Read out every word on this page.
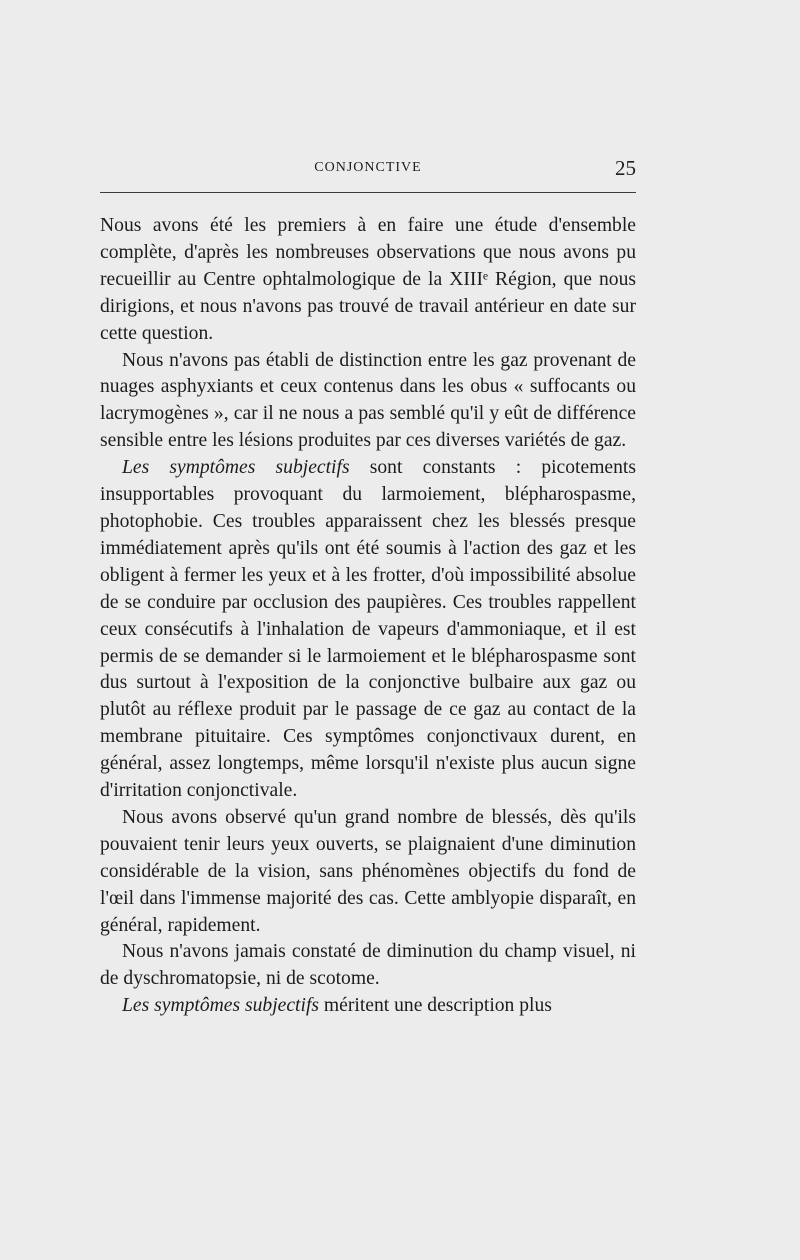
CONJONCTIVE	25

Nous avons été les premiers à en faire une étude d'ensemble complète, d'après les nombreuses observations que nous avons pu recueillir au Centre ophtalmologique de la XIIIᵉ Région, que nous dirigions, et nous n'avons pas trouvé de travail antérieur en date sur cette question.

Nous n'avons pas établi de distinction entre les gaz provenant de nuages asphyxiants et ceux contenus dans les obus « suffocants ou lacrymogènes », car il ne nous a pas semblé qu'il y eût de différence sensible entre les lésions produites par ces diverses variétés de gaz.

Les symptômes subjectifs sont constants : picotements insupportables provoquant du larmoiement, blépharospasme, photophobie. Ces troubles apparaissent chez les blessés presque immédiatement après qu'ils ont été soumis à l'action des gaz et les obligent à fermer les yeux et à les frotter, d'où impossibilité absolue de se conduire par occlusion des paupières. Ces troubles rappellent ceux consécutifs à l'inhalation de vapeurs d'ammoniaque, et il est permis de se demander si le larmoiement et le blépharospasme sont dus surtout à l'exposition de la conjonctive bulbaire aux gaz ou plutôt au réflexe produit par le passage de ce gaz au contact de la membrane pituitaire. Ces symptômes conjonctivaux durent, en général, assez longtemps, même lorsqu'il n'existe plus aucun signe d'irritation conjonctivale.

Nous avons observé qu'un grand nombre de blessés, dès qu'ils pouvaient tenir leurs yeux ouverts, se plaignaient d'une diminution considérable de la vision, sans phénomènes objectifs du fond de l'œil dans l'immense majorité des cas. Cette amblyopie disparaît, en général, rapidement.

Nous n'avons jamais constaté de diminution du champ visuel, ni de dyschromatopsie, ni de scotome.

Les symptômes subjectifs méritent une description plus
